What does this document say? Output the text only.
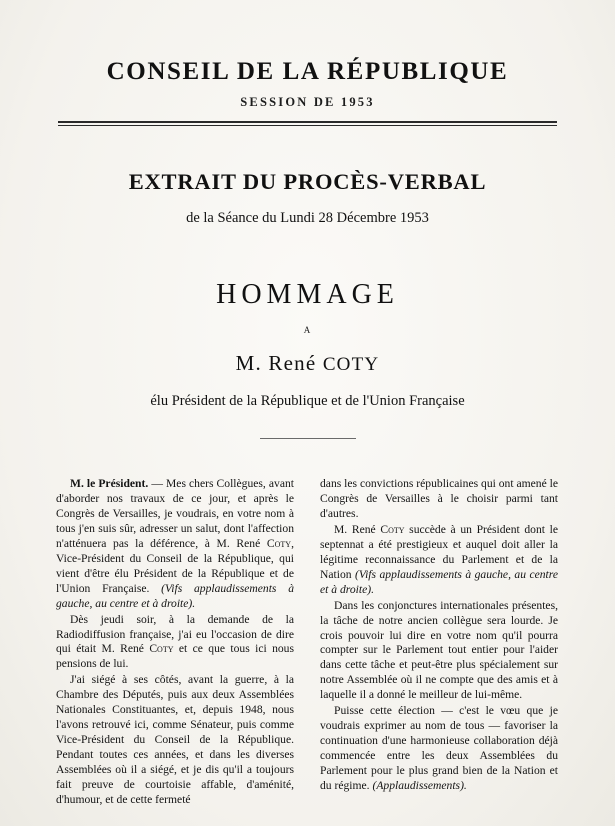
CONSEIL DE LA RÉPUBLIQUE
SESSION DE 1953
EXTRAIT DU PROCÈS-VERBAL
de la Séance du Lundi 28 Décembre 1953
HOMMAGE
A
M. René COTY
élu Président de la République et de l'Union Française

M. le Président. — Mes chers Collègues, avant d'aborder nos travaux de ce jour, et après le Congrès de Versailles, je voudrais, en votre nom à tous j'en suis sûr, adresser un salut, dont l'affection n'atténuera pas la déférence, à M. René Coty, Vice-Président du Conseil de la République, qui vient d'être élu Président de la République et de l'Union Française. (Vifs applaudissements à gauche, au centre et à droite).

Dès jeudi soir, à la demande de la Radiodiffusion française, j'ai eu l'occasion de dire qui était M. René Coty et ce que tous ici nous pensions de lui.

J'ai siégé à ses côtés, avant la guerre, à la Chambre des Députés, puis aux deux Assemblées Nationales Constituantes, et, depuis 1948, nous l'avons retrouvé ici, comme Sénateur, puis comme Vice-Président du Conseil de la République. Pendant toutes ces années, et dans les diverses Assemblées où il a siégé, et je dis qu'il a toujours fait preuve de courtoisie affable, d'aménité, d'humour, et de cette fermeté

dans les convictions républicaines qui ont amené le Congrès de Versailles à le choisir parmi tant d'autres.

M. René Coty succède à un Président dont le septennat a été prestigieux et auquel doit aller la légitime reconnaissance du Parlement et de la Nation (Vifs applaudissements à gauche, au centre et à droite).

Dans les conjonctures internationales présentes, la tâche de notre ancien collègue sera lourde. Je crois pouvoir lui dire en votre nom qu'il pourra compter sur le Parlement tout entier pour l'aider dans cette tâche et peut-être plus spécialement sur notre Assemblée où il ne compte que des amis et à laquelle il a donné le meilleur de lui-même.

Puisse cette élection — c'est le vœu que je voudrais exprimer au nom de tous — favoriser la continuation d'une harmonieuse collaboration déjà commencée entre les deux Assemblées du Parlement pour le plus grand bien de la Nation et du régime. (Applaudissements).
